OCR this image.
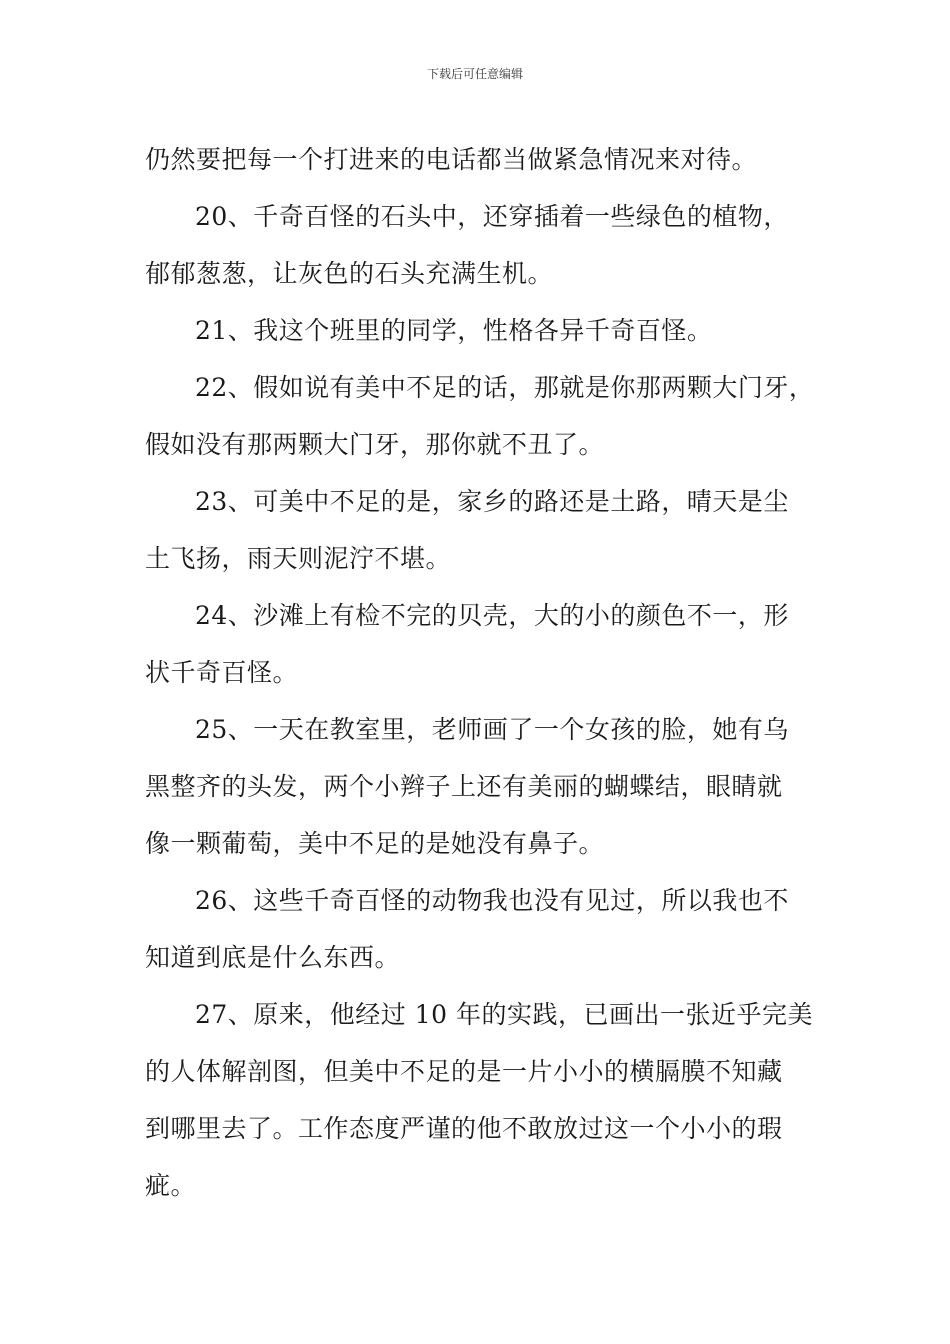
下载后可任意编辑
仍然要把每一个打进来的电话都当做紧急情况来对待。
20、千奇百怪的石头中，还穿插着一些绿色的植物，
郁郁葱葱，让灰色的石头充满生机。
21、我这个班里的同学，性格各异千奇百怪。
22、假如说有美中不足的话，那就是你那两颗大门牙，
假如没有那两颗大门牙，那你就不丑了。
23、可美中不足的是，家乡的路还是土路，晴天是尘
土飞扬，雨天则泥泞不堪。
24、沙滩上有检不完的贝壳，大的小的颜色不一，形
状千奇百怪。
25、一天在教室里，老师画了一个女孩的脸，她有乌
黑整齐的头发，两个小辫子上还有美丽的蝴蝶结，眼睛就
像一颗葡萄，美中不足的是她没有鼻子。
26、这些千奇百怪的动物我也没有见过，所以我也不
知道到底是什么东西。
27、原来，他经过 10 年的实践，已画出一张近乎完美
的人体解剖图，但美中不足的是一片小小的横膈膜不知藏
到哪里去了。工作态度严谨的他不敢放过这一个小小的瑕
疵。
